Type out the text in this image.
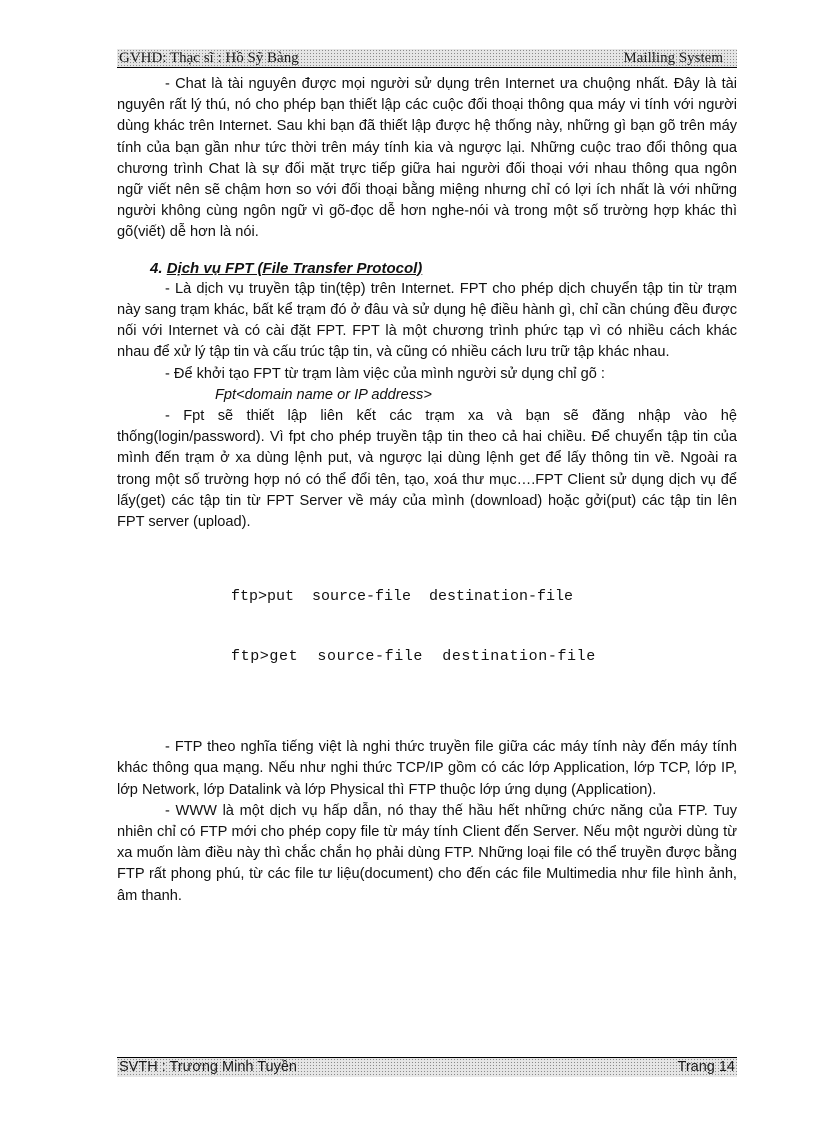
GVHD: Thạc sĩ : Hồ Sỹ Bàng	Mailling System

- Chat là tài nguyên được mọi người sử dụng trên Internet ưa chuộng nhất. Đây là tài nguyên rất lý thú, nó cho phép bạn thiết lập các cuộc đối thoại thông qua máy vi tính với người dùng khác trên Internet. Sau khi bạn đã thiết lập được hệ thống này, những gì bạn gõ trên máy tính của bạn gần như tức thời trên máy tính kia và ngược lại. Những cuộc trao đổi thông qua chương trình Chat là sự đối mặt trực tiếp giữa hai người đối thoại với nhau thông qua ngôn ngữ viết nên sẽ chậm hơn so với đối thoại bằng miệng nhưng chỉ có lợi ích nhất là với những người không cùng ngôn ngữ vì gõ-đọc dễ hơn nghe-nói và trong một số trường hợp khác thì gõ(viết) dễ hơn là nói.

4. Dịch vụ FPT (File Transfer Protocol)

- Là dịch vụ truyền tập tin(tệp) trên Internet. FPT cho phép dịch chuyển tập tin từ trạm này sang trạm khác, bất kể trạm đó ở đâu và sử dụng hệ điều hành gì, chỉ cần chúng đều được nối với Internet và có cài đặt FPT. FPT là một chương trình phức tạp vì có nhiều cách khác nhau để xử lý tập tin và cấu trúc tập tin, và cũng có nhiều cách lưu trữ tập khác nhau.

- Để khởi tạo FPT từ trạm làm việc của mình người sử dụng chỉ gõ :

Fpt<domain name or IP address>

- Fpt sẽ thiết lập liên kết các trạm xa và bạn sẽ đăng nhập vào hệ thống(login/password). Vì fpt cho phép truyền tập tin theo cả hai chiều. Để chuyển tập tin của mình đến trạm ở xa dùng lệnh put, và ngược lại dùng lệnh get để lấy thông tin về. Ngoài ra trong một số trường hợp nó có thể đổi tên, tạo, xoá thư mục….FPT Client sử dụng dịch vụ để lấy(get) các tập tin từ FPT Server về máy của mình (download) hoặc gởi(put) các tập tin lên FPT server (upload).

ftp>put  source-file  destination-file

ftp>get  source-file  destination-file

- FTP theo nghĩa tiếng việt là nghi thức truyền file giữa các máy tính này đến máy tính khác thông qua mạng. Nếu như nghi thức TCP/IP gồm có các lớp Application, lớp TCP, lớp IP, lớp Network, lớp Datalink và lớp Physical thì FTP thuộc lớp ứng dụng (Application).

- WWW là một dịch vụ hấp dẫn, nó thay thế hầu hết những chức năng của FTP. Tuy nhiên chỉ có FTP mới cho phép copy file từ máy tính Client đến Server. Nếu một người dùng từ xa muốn làm điều này thì chắc chắn họ phải dùng FTP. Những loại file có thể truyền được bằng FTP rất phong phú, từ các file tư liệu(document) cho đến các file Multimedia như file hình ảnh, âm thanh.

SVTH : Trương Minh Tuyền	Trang 14
